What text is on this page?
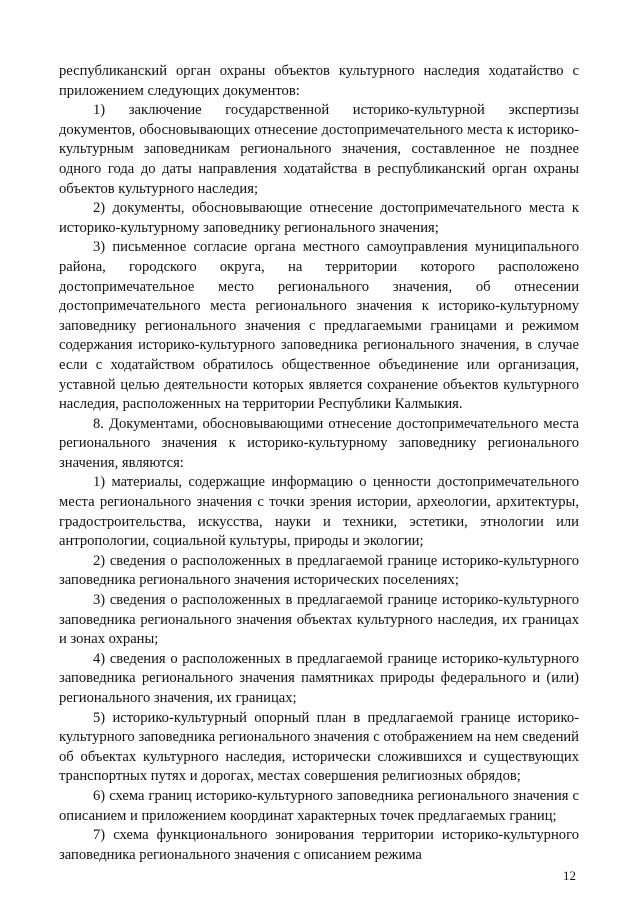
республиканский орган охраны объектов культурного наследия ходатайство с приложением следующих документов:

1) заключение государственной историко-культурной экспертизы документов, обосновывающих отнесение достопримечательного места к историко-культурным заповедникам регионального значения, составленное не позднее одного года до даты направления ходатайства в республиканский орган охраны объектов культурного наследия;

2) документы, обосновывающие отнесение достопримечательного места к историко-культурному заповеднику регионального значения;

3) письменное согласие органа местного самоуправления муниципального района, городского округа, на территории которого расположено достопримечательное место регионального значения, об отнесении достопримечательного места регионального значения к историко-культурному заповеднику регионального значения с предлагаемыми границами и режимом содержания историко-культурного заповедника регионального значения, в случае если с ходатайством обратилось общественное объединение или организация, уставной целью деятельности которых является сохранение объектов культурного наследия, расположенных на территории Республики Калмыкия.

8. Документами, обосновывающими отнесение достопримечательного места регионального значения к историко-культурному заповеднику регионального значения, являются:

1) материалы, содержащие информацию о ценности достопримечательного места регионального значения с точки зрения истории, археологии, архитектуры, градостроительства, искусства, науки и техники, эстетики, этнологии или антропологии, социальной культуры, природы и экологии;

2) сведения о расположенных в предлагаемой границе историко-культурного заповедника регионального значения исторических поселениях;

3) сведения о расположенных в предлагаемой границе историко-культурного заповедника регионального значения объектах культурного наследия, их границах и зонах охраны;

4) сведения о расположенных в предлагаемой границе историко-культурного заповедника регионального значения памятниках природы федерального и (или) регионального значения, их границах;

5) историко-культурный опорный план в предлагаемой границе историко-культурного заповедника регионального значения с отображением на нем сведений об объектах культурного наследия, исторически сложившихся и существующих транспортных путях и дорогах, местах совершения религиозных обрядов;

6) схема границ историко-культурного заповедника регионального значения с описанием и приложением координат характерных точек предлагаемых границ;

7) схема функционального зонирования территории историко-культурного заповедника регионального значения с описанием режима

12
